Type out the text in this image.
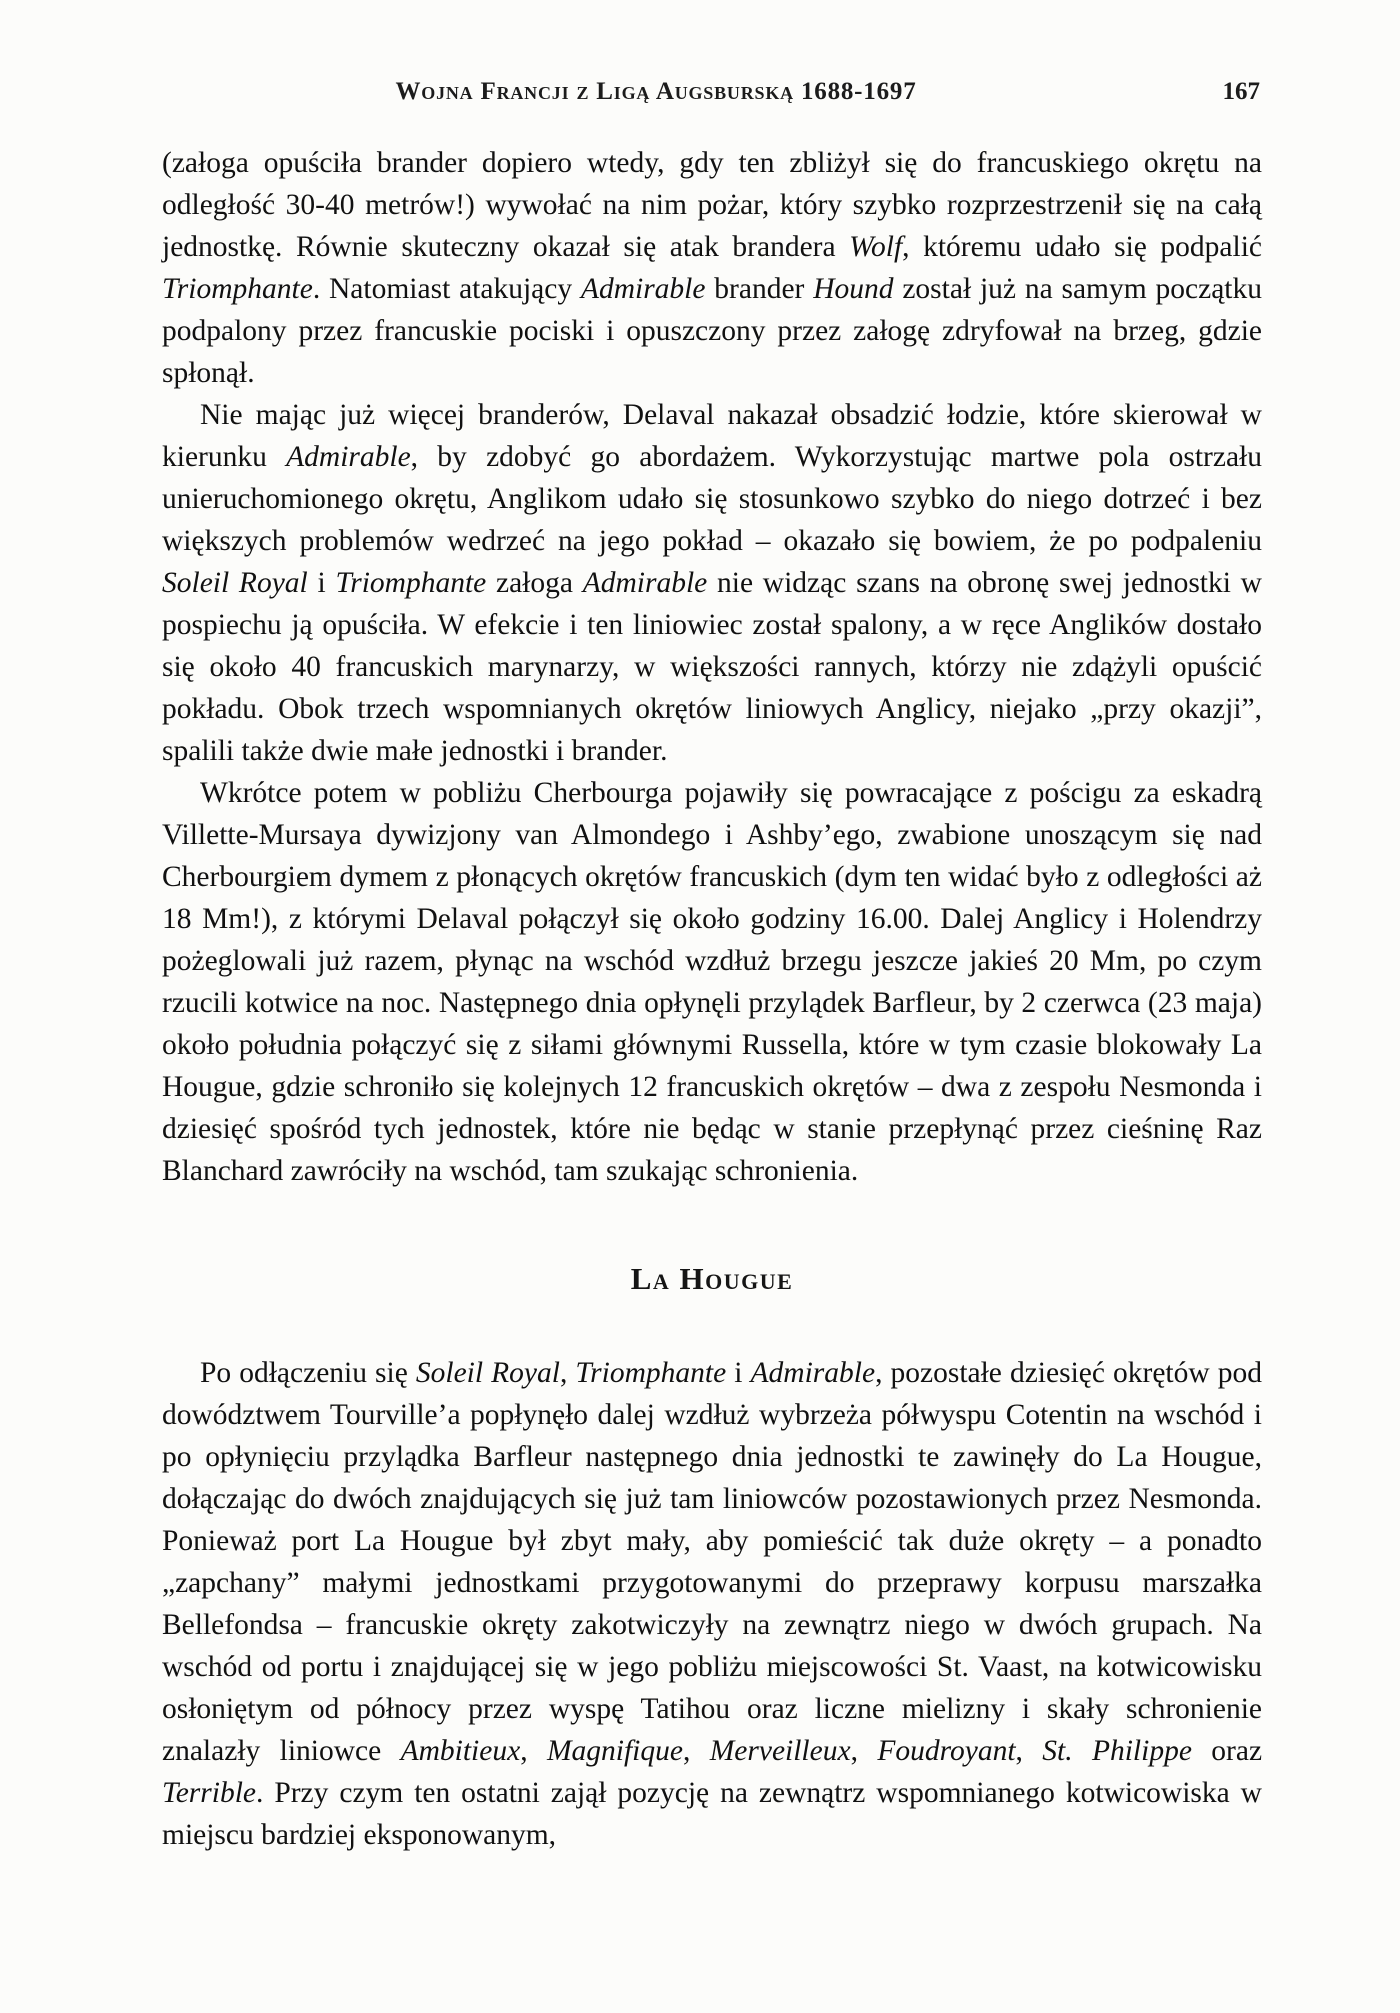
Wojna Francji z Ligą Augsburską 1688-1697	167

(załoga opuściła brander dopiero wtedy, gdy ten zbliżył się do francuskiego okrętu na odległość 30-40 metrów!) wywołać na nim pożar, który szybko rozprzestrzenił się na całą jednostkę. Równie skuteczny okazał się atak brandera Wolf, któremu udało się podpalić Triomphante. Natomiast atakujący Admirable brander Hound został już na samym początku podpalony przez francuskie pociski i opuszczony przez załogę zdryfował na brzeg, gdzie spłonął.

Nie mając już więcej branderów, Delaval nakazał obsadzić łodzie, które skierował w kierunku Admirable, by zdobyć go abordażem. Wykorzystując martwe pola ostrzału unieruchomionego okrętu, Anglikom udało się stosunkowo szybko do niego dotrzeć i bez większych problemów wedrzeć na jego pokład – okazało się bowiem, że po podpaleniu Soleil Royal i Triomphante załoga Admirable nie widząc szans na obronę swej jednostki w pospiechu ją opuściła. W efekcie i ten liniowiec został spalony, a w ręce Anglików dostało się około 40 francuskich marynarzy, w większości rannych, którzy nie zdążyli opuścić pokładu. Obok trzech wspomnianych okrętów liniowych Anglicy, niejako „przy okazji”, spalili także dwie małe jednostki i brander.

Wkrótce potem w pobliżu Cherbourga pojawiły się powracające z pościgu za eskadrą Villette-Mursaya dywizjony van Almondego i Ashby’ego, zwabione unoszącym się nad Cherbourgiem dymem z płonących okrętów francuskich (dym ten widać było z odległości aż 18 Mm!), z którymi Delaval połączył się około godziny 16.00. Dalej Anglicy i Holendrzy pożeglowali już razem, płynąc na wschód wzdłuż brzegu jeszcze jakieś 20 Mm, po czym rzucili kotwice na noc. Następnego dnia opłynęli przylądek Barfleur, by 2 czerwca (23 maja) około południa połączyć się z siłami głównymi Russella, które w tym czasie blokowały La Hougue, gdzie schroniło się kolejnych 12 francuskich okrętów – dwa z zespołu Nesmonda i dziesięć spośród tych jednostek, które nie będąc w stanie przepłynąć przez cieśninę Raz Blanchard zawróciły na wschód, tam szukając schronienia.

La Hougue

Po odłączeniu się Soleil Royal, Triomphante i Admirable, pozostałe dziesięć okrętów pod dowództwem Tourville’a popłynęło dalej wzdłuż wybrzeża półwyspu Cotentin na wschód i po opłynięciu przylądka Barfleur następnego dnia jednostki te zawinęły do La Hougue, dołączając do dwóch znajdujących się już tam liniowców pozostawionych przez Nesmonda. Ponieważ port La Hougue był zbyt mały, aby pomieścić tak duże okręty – a ponadto „zapchany” małymi jednostkami przygotowanymi do przeprawy korpusu marszałka Bellefondsa – francuskie okręty zakotwiczyły na zewnątrz niego w dwóch grupach. Na wschód od portu i znajdującej się w jego pobliżu miejscowości St. Vaast, na kotwicowisku osłoniętym od północy przez wyspę Tatihou oraz liczne mielizny i skały schronienie znalazły liniowce Ambitieux, Magnifique, Merveilleux, Foudroyant, St. Philippe oraz Terrible. Przy czym ten ostatni zajął pozycję na zewnątrz wspomnianego kotwicowiska w miejscu bardziej eksponowanym,
